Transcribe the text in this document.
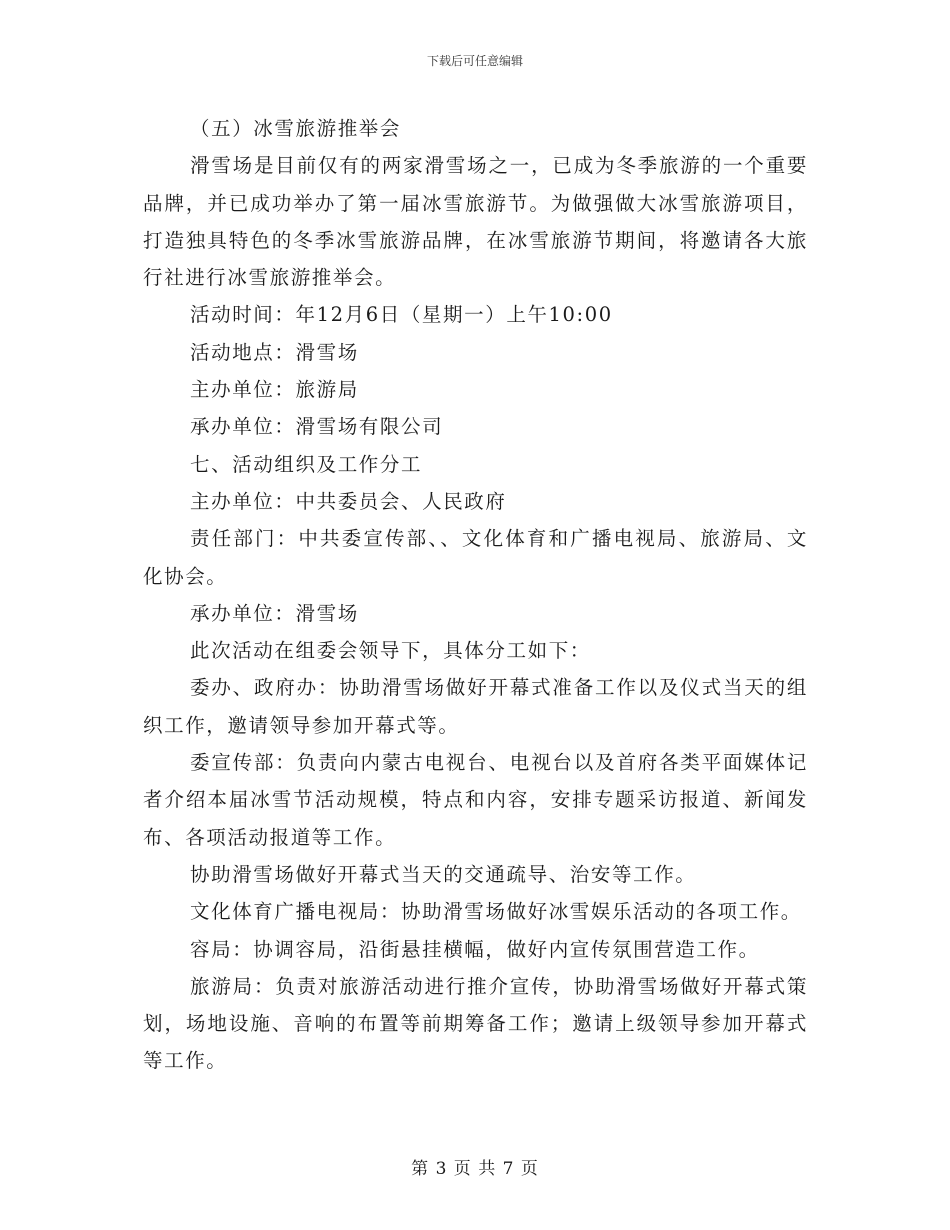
下载后可任意编辑

（五）冰雪旅游推举会

滑雪场是目前仅有的两家滑雪场之一，已成为冬季旅游的一个重要品牌，并已成功举办了第一届冰雪旅游节。为做强做大冰雪旅游项目，打造独具特色的冬季冰雪旅游品牌，在冰雪旅游节期间，将邀请各大旅行社进行冰雪旅游推举会。

活动时间：年12月6日（星期一）上午10:00

活动地点：滑雪场

主办单位：旅游局

承办单位：滑雪场有限公司

七、活动组织及工作分工

主办单位：中共委员会、人民政府

责任部门：中共委宣传部、、文化体育和广播电视局、旅游局、文化协会。

承办单位：滑雪场

此次活动在组委会领导下，具体分工如下：

委办、政府办：协助滑雪场做好开幕式准备工作以及仪式当天的组织工作，邀请领导参加开幕式等。

委宣传部：负责向内蒙古电视台、电视台以及首府各类平面媒体记者介绍本届冰雪节活动规模，特点和内容，安排专题采访报道、新闻发布、各项活动报道等工作。

协助滑雪场做好开幕式当天的交通疏导、治安等工作。

文化体育广播电视局：协助滑雪场做好冰雪娱乐活动的各项工作。

容局：协调容局，沿街悬挂横幅，做好内宣传氛围营造工作。

旅游局：负责对旅游活动进行推介宣传，协助滑雪场做好开幕式策划，场地设施、音响的布置等前期筹备工作；邀请上级领导参加开幕式等工作。

第 3 页 共 7 页
